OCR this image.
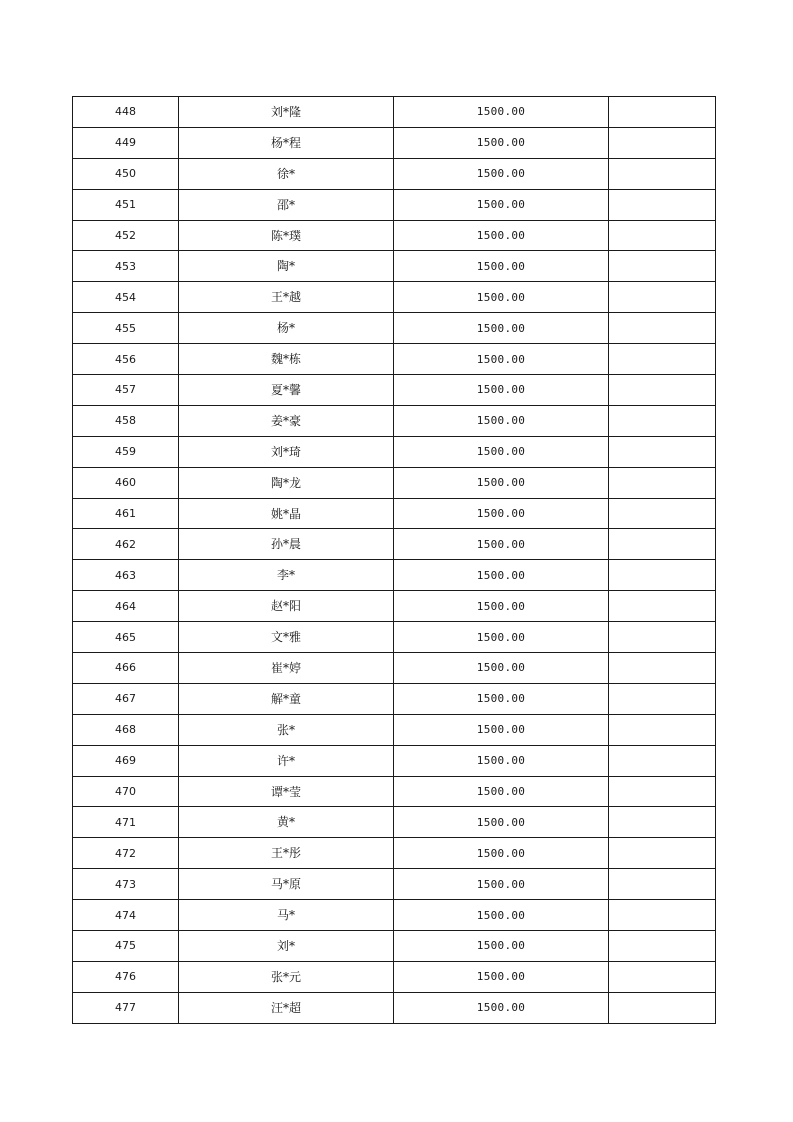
448	刘*隆	1500.00	
449	杨*程	1500.00	
450	徐*	1500.00	
451	邵*	1500.00	
452	陈*璞	1500.00	
453	陶*	1500.00	
454	王*越	1500.00	
455	杨*	1500.00	
456	魏*栋	1500.00	
457	夏*馨	1500.00	
458	姜*豪	1500.00	
459	刘*琦	1500.00	
460	陶*龙	1500.00	
461	姚*晶	1500.00	
462	孙*晨	1500.00	
463	李*	1500.00	
464	赵*阳	1500.00	
465	文*雅	1500.00	
466	崔*婷	1500.00	
467	解*童	1500.00	
468	张*	1500.00	
469	许*	1500.00	
470	谭*莹	1500.00	
471	黄*	1500.00	
472	王*彤	1500.00	
473	马*原	1500.00	
474	马*	1500.00	
475	刘*	1500.00	
476	张*元	1500.00	
477	汪*超	1500.00	
